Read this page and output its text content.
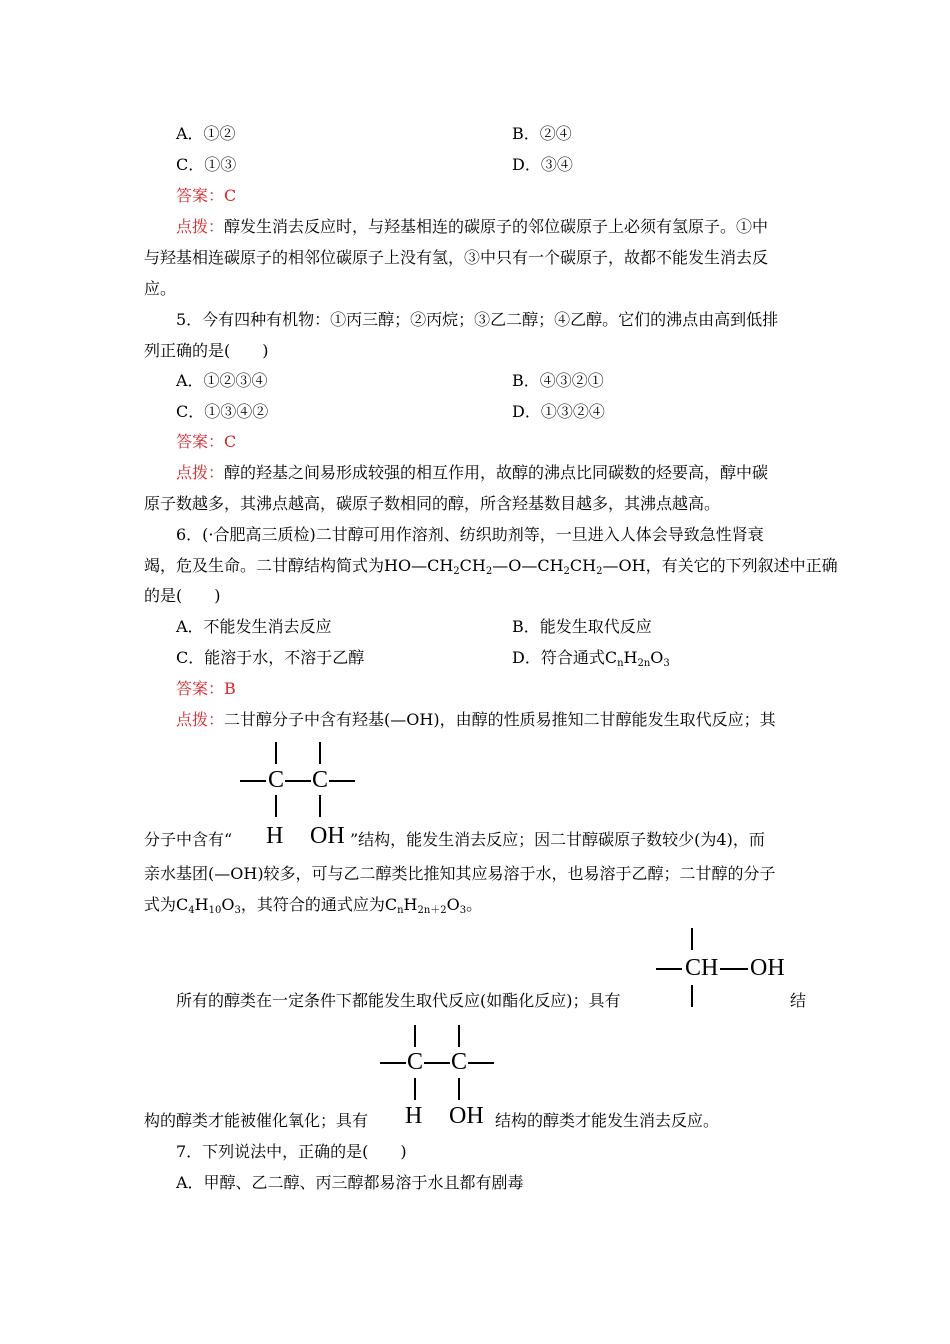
A．①②	B．②④
C．①③	D．③④
答案：C
点拨：醇发生消去反应时，与羟基相连的碳原子的邻位碳原子上必须有氢原子。①中
与羟基相连碳原子的相邻位碳原子上没有氢，③中只有一个碳原子，故都不能发生消去反
应。
5．今有四种有机物：①丙三醇；②丙烷；③乙二醇；④乙醇。它们的沸点由高到低排
列正确的是(　　)
A．①②③④	B．④③②①
C．①③④②	D．①③②④
答案：C
点拨：醇的羟基之间易形成较强的相互作用，故醇的沸点比同碳数的烃要高，醇中碳
原子数越多，其沸点越高，碳原子数相同的醇，所含羟基数目越多，其沸点越高。
6．(·合肥高三质检)二甘醇可用作溶剂、纺织助剂等，一旦进入人体会导致急性肾衰
竭，危及生命。二甘醇结构简式为$HO—CH_2CH_2—O—CH_2CH_2—OH$，有关它的下列叙述中正确
的是(　　)
A．不能发生消去反应	B．能发生取代反应
C．能溶于水，不溶于乙醇	D．符合通式$C_nH_{2n}O_3$
答案：B
点拨：二甘醇分子中含有羟基(—OH)，由醇的性质易推知二甘醇能发生取代反应；其
C C
H OH
分子中含有“	”结构，能发生消去反应；因二甘醇碳原子数较少(为4)，而
亲水基团(—OH)较多，可与乙二醇类比推知其应易溶于水，也易溶于乙醇；二甘醇的分子
式为$C_4H_{10}O_3$，其符合的通式应为$C_nH_{2n+2}O_3$。
CH OH
所有的醇类在一定条件下都能发生取代反应(如酯化反应)；具有	结
C C
H OH
构的醇类才能被催化氧化；具有	结构的醇类才能发生消去反应。
7．下列说法中，正确的是(　　)
A．甲醇、乙二醇、丙三醇都易溶于水且都有剧毒
